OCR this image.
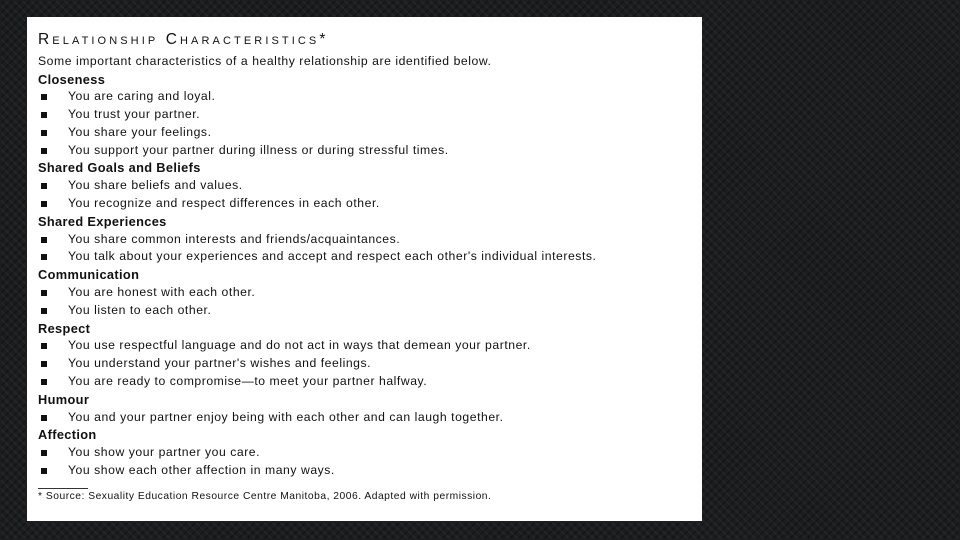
Relationship Characteristics*
Some important characteristics of a healthy relationship are identified below.
Closeness
You are caring and loyal.
You trust your partner.
You share your feelings.
You support your partner during illness or during stressful times.
Shared Goals and Beliefs
You share beliefs and values.
You recognize and respect differences in each other.
Shared Experiences
You share common interests and friends/acquaintances.
You talk about your experiences and accept and respect each other's individual interests.
Communication
You are honest with each other.
You listen to each other.
Respect
You use respectful language and do not act in ways that demean your partner.
You understand your partner's wishes and feelings.
You are ready to compromise—to meet your partner halfway.
Humour
You and your partner enjoy being with each other and can laugh together.
Affection
You show your partner you care.
You show each other affection in many ways.
* Source: Sexuality Education Resource Centre Manitoba, 2006. Adapted with permission.
